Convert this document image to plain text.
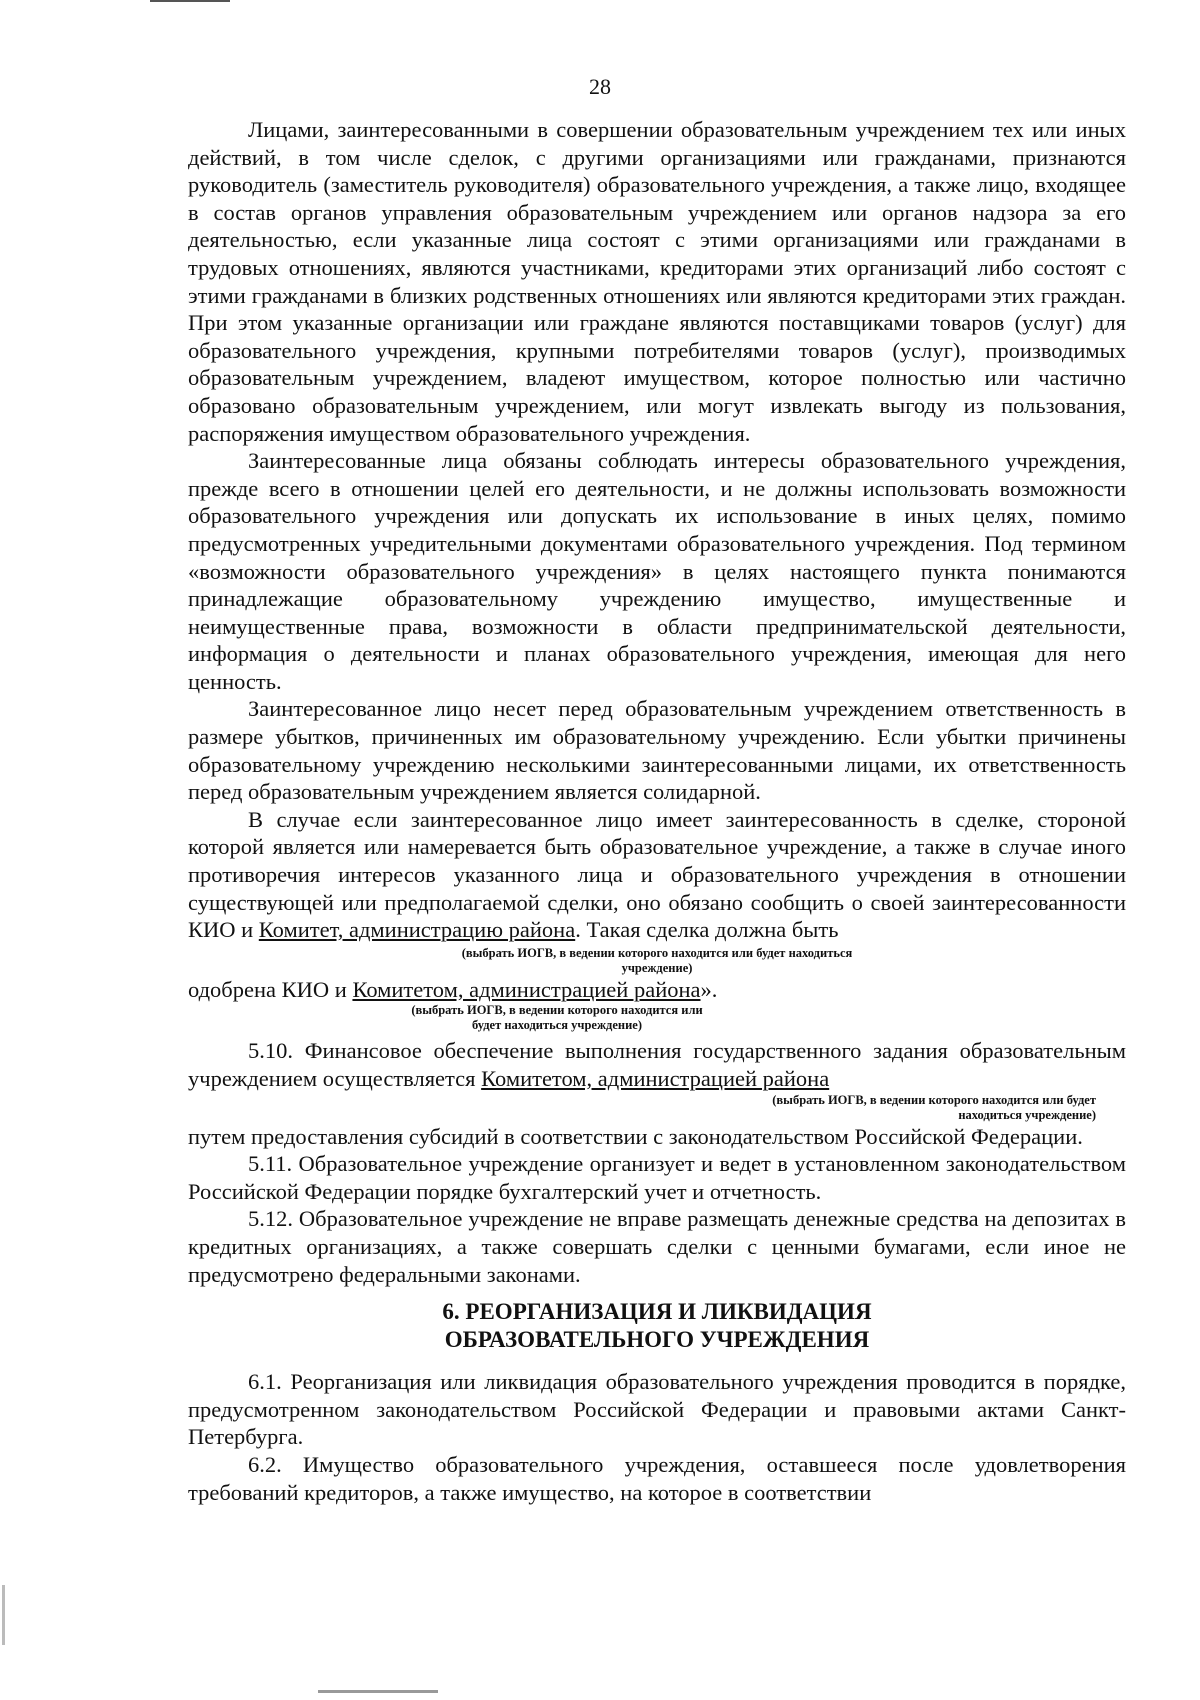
28

Лицами, заинтересованными в совершении образовательным учреждением тех или иных действий, в том числе сделок, с другими организациями или гражданами, признаются руководитель (заместитель руководителя) образовательного учреждения, а также лицо, входящее в состав органов управления образовательным учреждением или органов надзора за его деятельностью, если указанные лица состоят с этими организациями или гражданами в трудовых отношениях, являются участниками, кредиторами этих организаций либо состоят с этими гражданами в близких родственных отношениях или являются кредиторами этих граждан. При этом указанные организации или граждане являются поставщиками товаров (услуг) для образовательного учреждения, крупными потребителями товаров (услуг), производимых образовательным учреждением, владеют имуществом, которое полностью или частично образовано образовательным учреждением, или могут извлекать выгоду из пользования, распоряжения имуществом образовательного учреждения.

Заинтересованные лица обязаны соблюдать интересы образовательного учреждения, прежде всего в отношении целей его деятельности, и не должны использовать возможности образовательного учреждения или допускать их использование в иных целях, помимо предусмотренных учредительными документами образовательного учреждения. Под термином «возможности образовательного учреждения» в целях настоящего пункта понимаются принадлежащие образовательному учреждению имущество, имущественные и неимущественные права, возможности в области предпринимательской деятельности, информация о деятельности и планах образовательного учреждения, имеющая для него ценность.

Заинтересованное лицо несет перед образовательным учреждением ответственность в размере убытков, причиненных им образовательному учреждению. Если убытки причинены образовательному учреждению несколькими заинтересованными лицами, их ответственность перед образовательным учреждением является солидарной.

В случае если заинтересованное лицо имеет заинтересованность в сделке, стороной которой является или намеревается быть образовательное учреждение, а также в случае иного противоречия интересов указанного лица и образовательного учреждения в отношении существующей или предполагаемой сделки, оно обязано сообщить о своей заинтересованности КИО и Комитет, администрацию района. Такая сделка должна быть

(выбрать ИОГВ, в ведении которого находится или будет находиться учреждение)

одобрена КИО и Комитетом, администрацией района».

(выбрать ИОГВ, в ведении которого находится или будет находиться учреждение)

5.10. Финансовое обеспечение выполнения государственного задания образовательным учреждением осуществляется Комитетом, администрацией района

(выбрать ИОГВ, в ведении которого находится или будет находиться учреждение)

путем предоставления субсидий в соответствии с законодательством Российской Федерации.

5.11. Образовательное учреждение организует и ведет в установленном законодательством Российской Федерации порядке бухгалтерский учет и отчетность.

5.12. Образовательное учреждение не вправе размещать денежные средства на депозитах в кредитных организациях, а также совершать сделки с ценными бумагами, если иное не предусмотрено федеральными законами.

6. РЕОРГАНИЗАЦИЯ И ЛИКВИДАЦИЯ
ОБРАЗОВАТЕЛЬНОГО УЧРЕЖДЕНИЯ

6.1. Реорганизация или ликвидация образовательного учреждения проводится в порядке, предусмотренном законодательством Российской Федерации и правовыми актами Санкт-Петербурга.

6.2. Имущество образовательного учреждения, оставшееся после удовлетворения требований кредиторов, а также имущество, на которое в соответствии
